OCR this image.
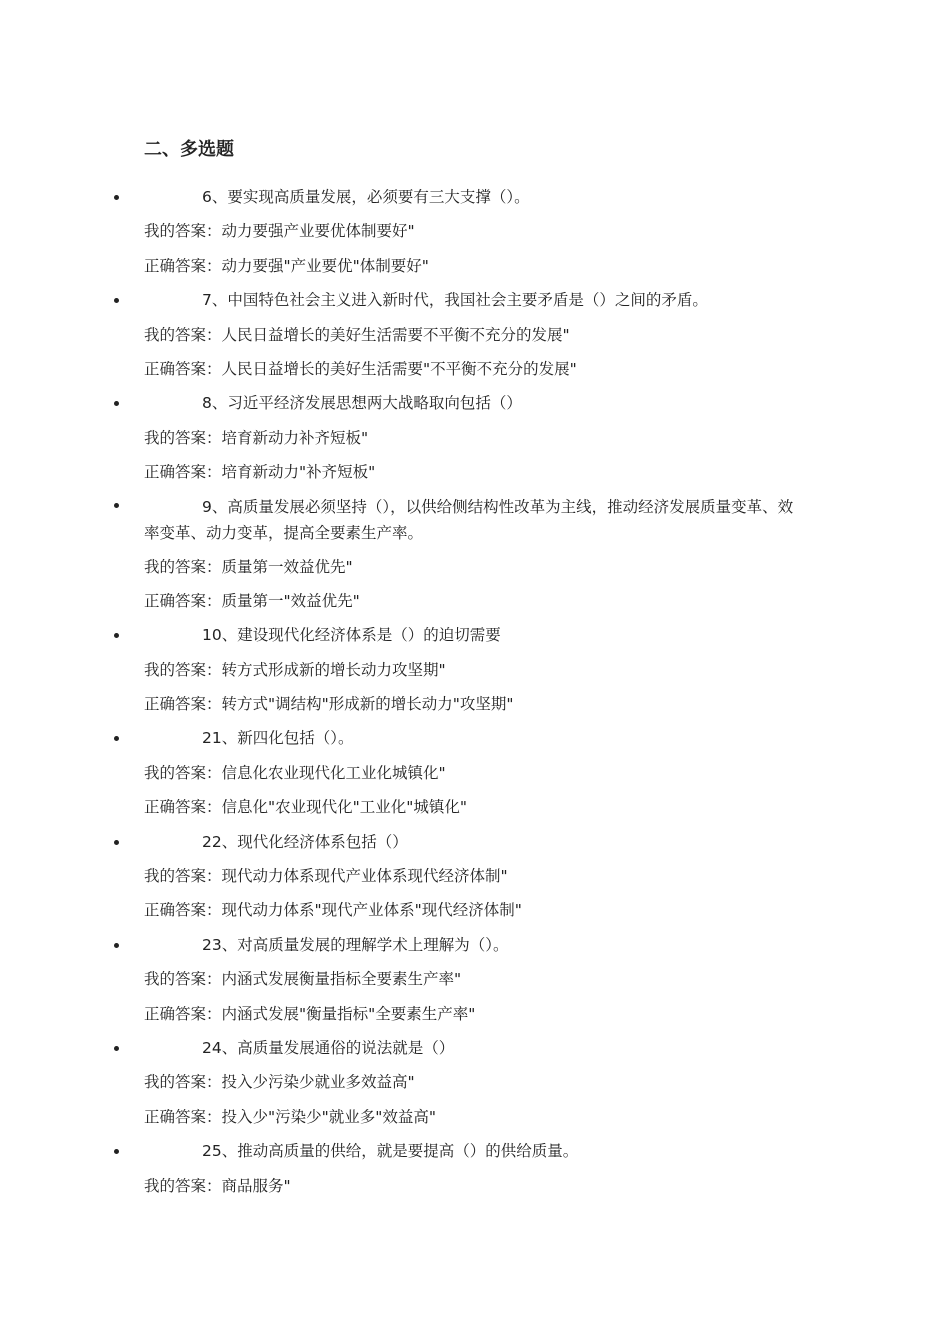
二、多选题
6、要实现高质量发展，必须要有三大支撑（）。
我的答案：动力要强产业要优体制要好"
正确答案：动力要强"产业要优"体制要好"
7、中国特色社会主义进入新时代，我国社会主要矛盾是（）之间的矛盾。
我的答案：人民日益增长的美好生活需要不平衡不充分的发展"
正确答案：人民日益增长的美好生活需要"不平衡不充分的发展"
8、习近平经济发展思想两大战略取向包括（）
我的答案：培育新动力补齐短板"
正确答案：培育新动力"补齐短板"
9、高质量发展必须坚持（），以供给侧结构性改革为主线，推动经济发展质量变革、效率变革、动力变革，提高全要素生产率。
我的答案：质量第一效益优先"
正确答案：质量第一"效益优先"
10、建设现代化经济体系是（）的迫切需要
我的答案：转方式形成新的增长动力攻坚期"
正确答案：转方式"调结构"形成新的增长动力"攻坚期"
21、新四化包括（）。
我的答案：信息化农业现代化工业化城镇化"
正确答案：信息化"农业现代化"工业化"城镇化"
22、现代化经济体系包括（）
我的答案：现代动力体系现代产业体系现代经济体制"
正确答案：现代动力体系"现代产业体系"现代经济体制"
23、对高质量发展的理解学术上理解为（）。
我的答案：内涵式发展衡量指标全要素生产率"
正确答案：内涵式发展"衡量指标"全要素生产率"
24、高质量发展通俗的说法就是（）
我的答案：投入少污染少就业多效益高"
正确答案：投入少"污染少"就业多"效益高"
25、推动高质量的供给，就是要提高（）的供给质量。
我的答案：商品服务"
